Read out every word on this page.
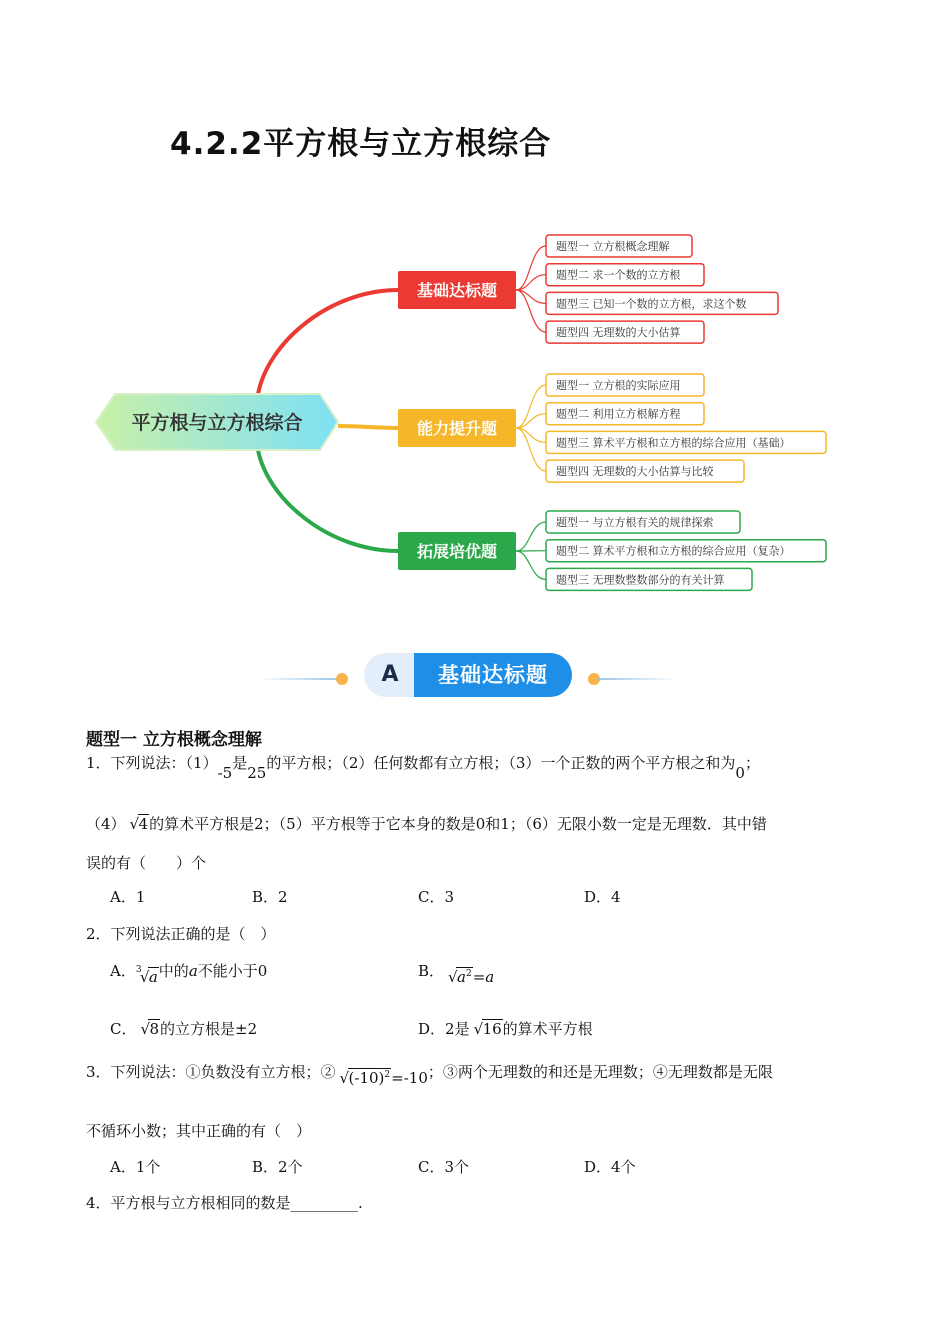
4.2.2平方根与立方根综合
平方根与立方根综合
基础达标题
题型一 立方根概念理解
题型二 求一个数的立方根
题型三 已知一个数的立方根，求这个数
题型四 无理数的大小估算
能力提升题
题型一 立方根的实际应用
题型二 利用立方根解方程
题型三 算术平方根和立方根的综合应用（基础）
题型四 无理数的大小估算与比较
拓展培优题
题型一 与立方根有关的规律探索
题型二 算术平方根和立方根的综合应用（复杂）
题型三 无理数整数部分的有关计算
A	基础达标题
题型一 立方根概念理解
1．下列说法：（1）-5是25的平方根；（2）任何数都有立方根；（3）一个正数的两个平方根之和为0；
（4） √ 4的算术平方根是2；（5）平方根等于它本身的数是0和1；（6）无限小数一定是无理数．其中错
误的有（　　）个
A．1	B．2	C．3	D．4
2．下列说法正确的是（　）
A． 3
√ a中的a不能小于0	B． √ $a^2=a$
C． √ 8的立方根是±2	D．2是 √ 16的算术平方根
3．下列说法：①负数没有立方根；② √ $(-10)^2=-10$；③两个无理数的和还是无理数；④无理数都是无限
不循环小数；其中正确的有（　）
A．1个	B．2个	C．3个	D．4个
4．平方根与立方根相同的数是_________.
